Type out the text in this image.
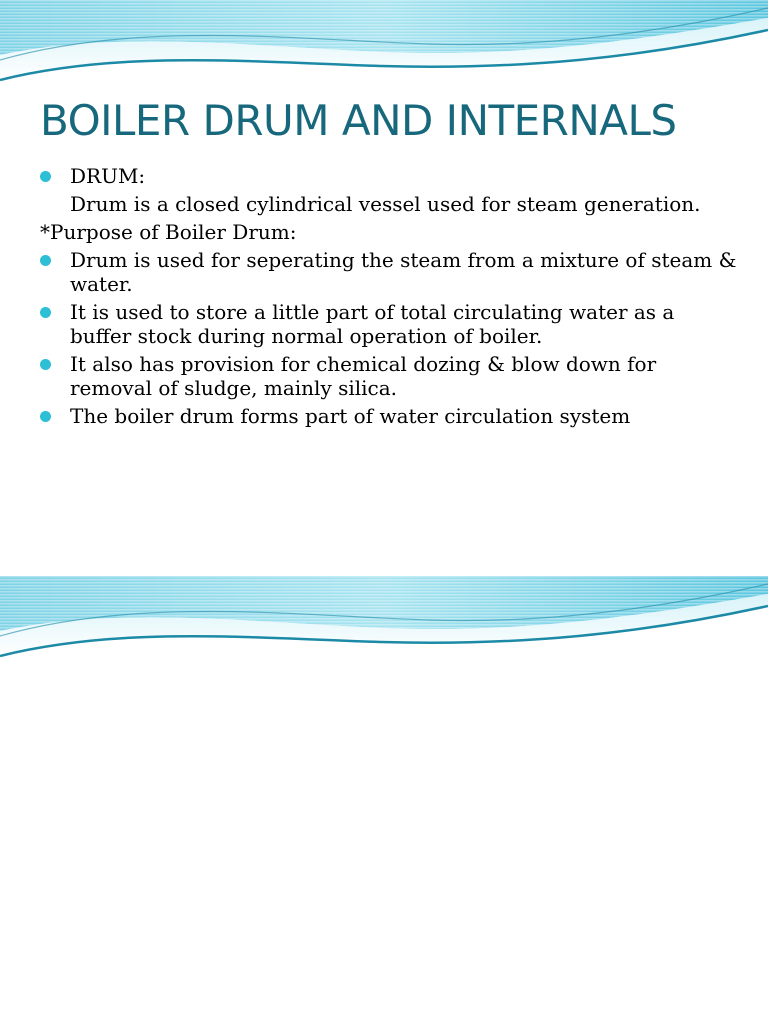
BOILER DRUM AND INTERNALS
DRUM:
Drum is a closed cylindrical vessel used for steam generation.
*Purpose of Boiler Drum:
Drum is used for seperating the steam from a mixture of steam & water.
It is used to store a little part of total circulating water as a buffer stock during normal operation of boiler.
It also has provision for chemical dozing & blow down for removal of sludge, mainly silica.
The boiler drum forms part of water circulation system
